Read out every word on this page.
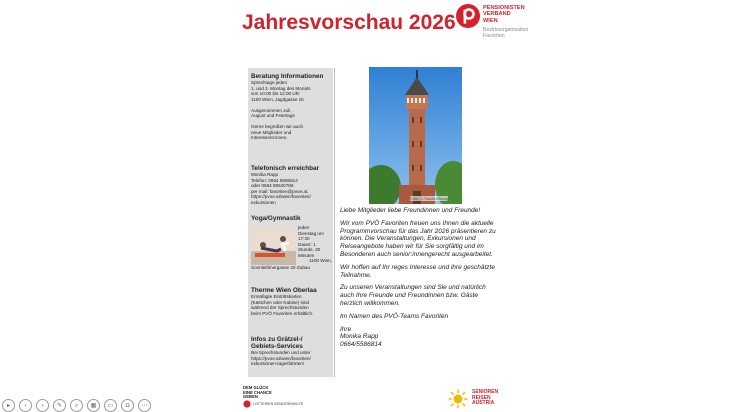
Jahresvorschau 2026
PENSIONISTEN
VERBAND
WIEN
Bezirksorganisation
Favoriten
Beratung Informationen
Sprechtage jeden
1. und 3. Montag des Monats
von 10:00 bis 12:00 Uhr
1100 Wien, Jagdgasse 1b
Ausgenommen Juli ,
August und Feiertage
Gerne begrüßen wir auch
neue Mitglieder und
Interessent:innen.
Telefonisch erreichbar
Monika Rapp
Telefon: 0664 5586814
oder 0664 88540786
per mail: favoriten@pvoe.at,
https://pvoe.at/wien/favoriten/
exkursionen
Yoga/Gymnastik
jeden
Dienstag um
17:30
Dauer: 1
Stunde, 30
Minuten
1100 Wien,
Sonnleithnergasse 32-Zubau
Therme Wien Oberlaa
Ermäßigte Eintrittskarten
(Kästchen oder Kabine) sind
während der Sprechstunden
beim PVÖ Favoriten erhältlich.
Infos zu Grätzel-/
Gebiets-Services
Bei Sprechstunden und unter
https://pvoe.at/wien/favoriten/
exkursionen-tagesfahrten/
Foto: C.Stadler/Bwag

Liebe Mitglieder liebe Freundinnen und Freunde!

Wir vom PVÖ Favoriten freuen uns Ihnen die aktuelle Programmvorschau für das Jahr 2026 präsentieren zu können. Die Veranstaltungen, Exkursionen und Reiseangebote haben wir für Sie sorgfältig und im Besonderen auch senior:innengerecht ausgearbeitet.

Wir hoffen auf Ihr reges Interesse und ihre geschätzte Teilnahme.

Zu unseren Veranstaltungen sind Sie und natürlich auch Ihre Freunde und Freundinnen bzw. Gäste herzlich willkommen.

Im Namen des PVÖ-Teams Favoriten

Ihre
Monika Rapp
0664/5586814
DEM GLÜCK
EINE CHANCE
GEBEN
LOTTERIEN SENIORENHILFE
SENIOREN
REISEN
AUSTRIA
▸	‹	›	✎	⌕	▦	▭	◘	⋯
